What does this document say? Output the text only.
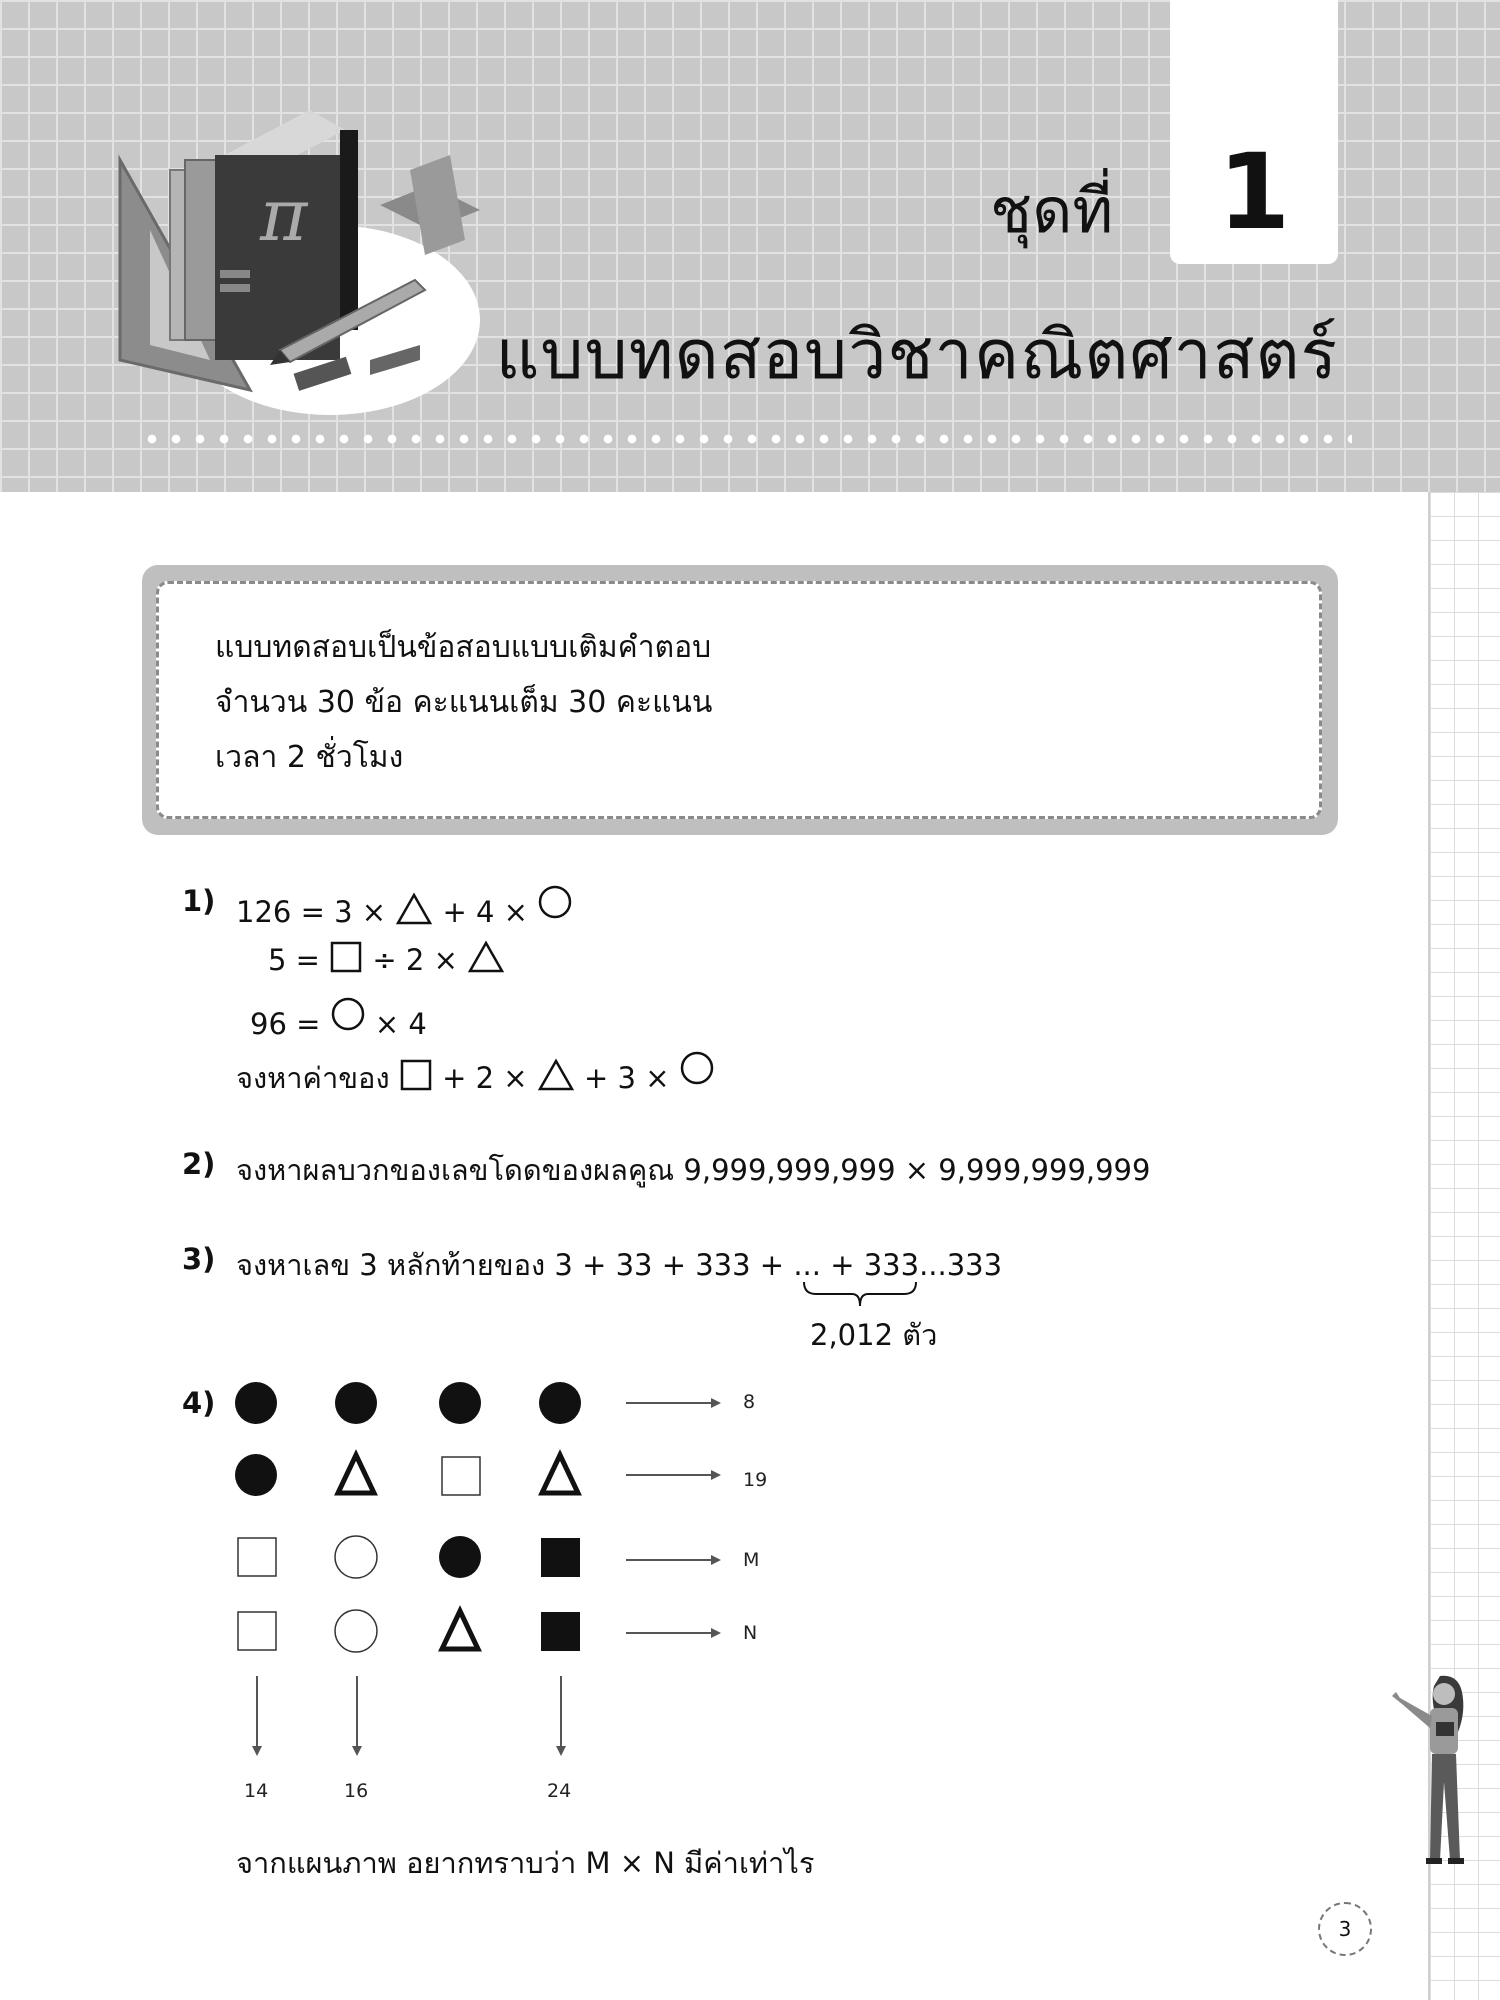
π	1
ชุดที่
แบบทดสอบวิชาคณิตศาสตร์
แบบทดสอบเป็นข้อสอบแบบเติมคำตอบ
จำนวน 30 ข้อ คะแนนเต็ม 30 คะแนน
เวลา 2 ชั่วโมง
1) 126 = 3 × + 4 ×
5 = ÷ 2 ×
96 = × 4
จงหาค่าของ + 2 × + 3 ×
2) จงหาผลบวกของเลขโดดของผลคูณ 9,999,999,999 × 9,999,999,999
3) จงหาเลข 3 หลักท้ายของ 3 + 33 + 333 + ... + 333...333
2,012 ตัว
4)	8
19
M
N
14	16	24
จากแผนภาพ อยากทราบว่า M × N มีค่าเท่าไร
3
